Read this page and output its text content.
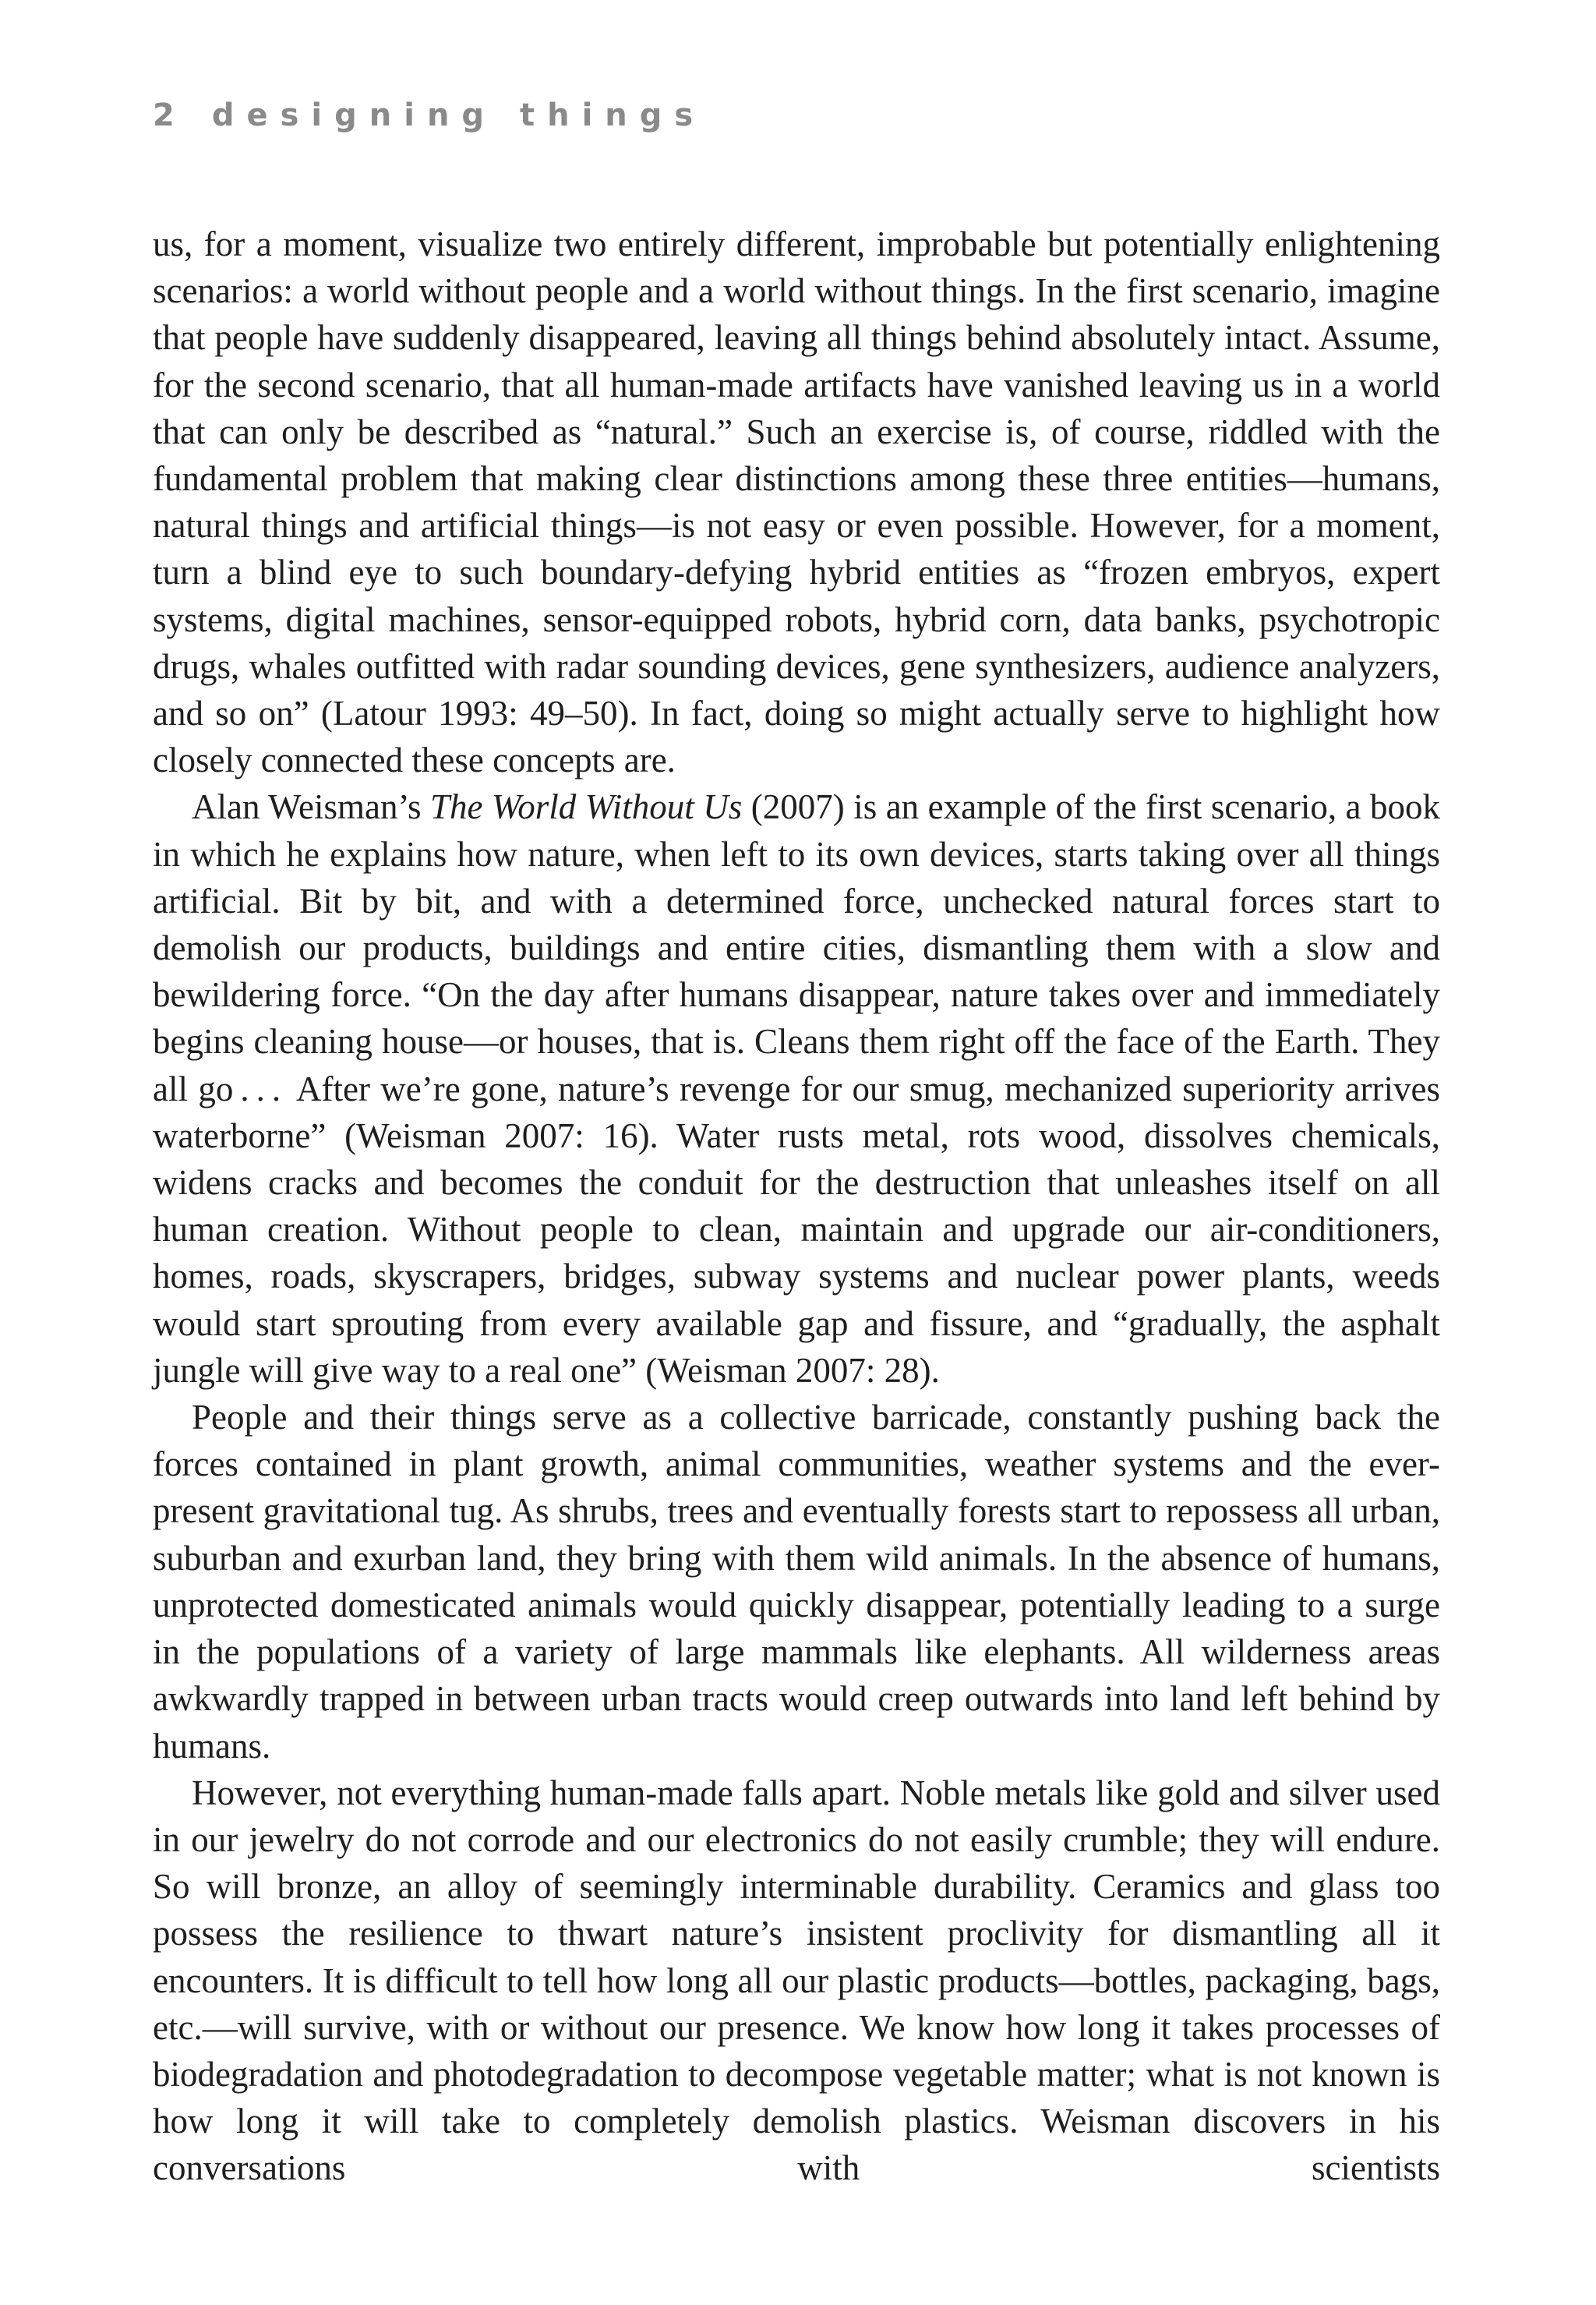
2 designing things

us, for a moment, visualize two entirely different, improbable but potentially enlightening scenarios: a world without people and a world without things. In the first scenario, imagine that people have suddenly disappeared, leaving all things behind absolutely intact. Assume, for the second scenario, that all human-made artifacts have vanished leaving us in a world that can only be described as “natural.” Such an exercise is, of course, riddled with the fundamental problem that making clear distinctions among these three entities—humans, natural things and artificial things—is not easy or even possible. However, for a moment, turn a blind eye to such boundary-defying hybrid entities as “frozen embryos, expert systems, digital machines, sensor-equipped robots, hybrid corn, data banks, psychotropic drugs, whales outfitted with radar sounding devices, gene synthesizers, audience analyzers, and so on” (Latour 1993: 49–50). In fact, doing so might actually serve to highlight how closely connected these concepts are.

Alan Weisman’s The World Without Us (2007) is an example of the first scenario, a book in which he explains how nature, when left to its own devices, starts taking over all things artificial. Bit by bit, and with a determined force, unchecked natural forces start to demolish our products, buildings and entire cities, dismantling them with a slow and bewildering force. “On the day after humans disappear, nature takes over and immediately begins cleaning house—or houses, that is. Cleans them right off the face of the Earth. They all go . . .  After we’re gone, nature’s revenge for our smug, mechanized superiority arrives waterborne” (Weisman 2007: 16). Water rusts metal, rots wood, dissolves chemicals, widens cracks and becomes the conduit for the destruction that unleashes itself on all human creation. Without people to clean, maintain and upgrade our air-conditioners, homes, roads, skyscrapers, bridges, subway systems and nuclear power plants, weeds would start sprouting from every available gap and fissure, and “gradually, the asphalt jungle will give way to a real one” (Weisman 2007: 28).

People and their things serve as a collective barricade, constantly pushing back the forces contained in plant growth, animal communities, weather systems and the ever-present gravitational tug. As shrubs, trees and eventually forests start to repossess all urban, suburban and exurban land, they bring with them wild animals. In the absence of humans, unprotected domesticated animals would quickly disappear, potentially leading to a surge in the populations of a variety of large mammals like elephants. All wilderness areas awkwardly trapped in between urban tracts would creep outwards into land left behind by humans.

However, not everything human-made falls apart. Noble metals like gold and silver used in our jewelry do not corrode and our electronics do not easily crumble; they will endure. So will bronze, an alloy of seemingly interminable durability. Ceramics and glass too possess the resilience to thwart nature’s insistent proclivity for dismantling all it encounters. It is difficult to tell how long all our plastic products—bottles, packaging, bags, etc.—will survive, with or without our presence. We know how long it takes processes of biodegradation and photodegradation to decompose vegetable matter; what is not known is how long it will take to completely demolish plastics. Weisman discovers in his conversations with scientists
